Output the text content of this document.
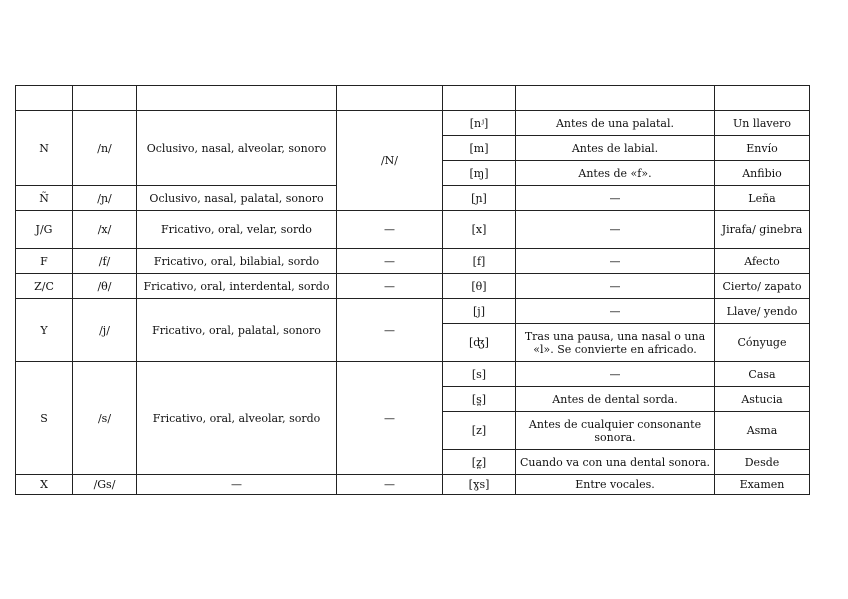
N	/n/	Oclusivo, nasal, alveolar, sonoro	/N/	[nʲ]	Antes de una palatal.	Un llavero
				[m]	Antes de labial.	Envío
				[ɱ]	Antes de «f».	Anfibio
Ñ	/ɲ/	Oclusivo, nasal, palatal, sonoro		[ɲ]	—	Leña
J/G	/x/	Fricativo, oral, velar, sordo	—	[x]	—	Jirafa/ ginebra
F	/f/	Fricativo, oral, bilabial, sordo	—	[f]	—	Afecto
Z/C	/θ/	Fricativo, oral, interdental, sordo	—	[θ]	—	Cierto/ zapato
Y	/j/	Fricativo, oral, palatal, sonoro	—	[j]	—	Llave/ yendo
				[ʤ]	Tras una pausa, una nasal o una «l». Se convierte en africado.	Cónyuge
S	/s/	Fricativo, oral, alveolar, sordo	—	[s]	—	Casa
				[s̪]	Antes de dental sorda.	Astucia
				[z]	Antes de cualquier consonante sonora.	Asma
				[z̪]	Cuando va con una dental sonora.	Desde
X	/Gs/	—	—	[ɣs]	Entre vocales.	Examen
